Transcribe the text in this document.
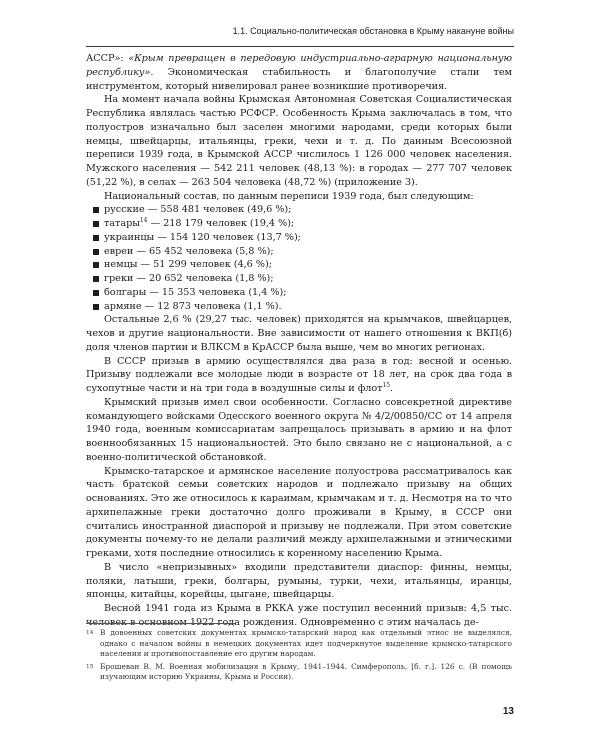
1.1. Социально-политическая обстановка в Крыму накануне войны

АССР»: «Крым превращен в передовую индустриально-аграрную национальную республику». Экономическая стабильность и благополучие стали тем инструментом, который нивелировал ранее возникшие противоречия.

На момент начала войны Крымская Автономная Советская Социалистическая Республика являлась частью РСФСР. Особенность Крыма заключалась в том, что полуостров изначально был заселен многими народами, среди которых были немцы, швейцарцы, итальянцы, греки, чехи и т. д. По данным Всесоюзной переписи 1939 года, в Крымской АССР числилось 1 126 000 человек населения. Мужского населения — 542 211 человек (48,13 %): в городах — 277 707 человек (51,22 %), в селах — 263 504 человека (48,72 %) (приложение 3).

Национальный состав, по данным переписи 1939 года, был следующим:

русские — 558 481 человек (49,6 %);
татары$^{14}$ — 218 179 человек (19,4 %);
украинцы — 154 120 человек (13,7 %);
евреи — 65 452 человека (5,8 %);
немцы — 51 299 человек (4,6 %);
греки — 20 652 человека (1,8 %);
болгары — 15 353 человека (1,4 %);
армяне — 12 873 человека (1,1 %).

Остальные 2,6 % (29,27 тыс. человек) приходятся на крымчаков, швейцарцев, чехов и другие национальности. Вне зависимости от нашего отношения к ВКП(б) доля членов партии и ВЛКСМ в КрАССР была выше, чем во многих регионах.

В СССР призыв в армию осуществлялся два раза в год: весной и осенью. Призыву подлежали все молодые люди в возрасте от 18 лет, на срок два года в сухопутные части и на три года в воздушные силы и флот$^{15}$.

Крымский призыв имел свои особенности. Согласно совсекретной директиве командующего войсками Одесского военного округа № 4/2/00850/СС от 14 апреля 1940 года, военным комиссариатам запрещалось призывать в армию и на флот военнообязанных 15 национальностей. Это было связано не с национальной, а с военно-политической обстановкой.

Крымско-татарское и армянское население полуострова рассматривалось как часть братской семьи советских народов и подлежало призыву на общих основаниях. Это же относилось к караимам, крымчакам и т. д. Несмотря на то что архипелажные греки достаточно долго проживали в Крыму, в СССР они считались иностранной диаспорой и призыву не подлежали. При этом советские документы почему-то не делали различий между архипелажными и этническими греками, хотя последние относились к коренному населению Крыма.

В число «непризывных» входили представители диаспор: финны, немцы, поляки, латыши, греки, болгары, румыны, турки, чехи, итальянцы, иранцы, японцы, китайцы, корейцы, цыгане, швейцарцы.

Весной 1941 года из Крыма в РККА уже поступил весенний призыв: 4,5 тыс. человек в основном 1922 года рождения. Одновременно с этим началась де-

14 В довоенных советских документах крымско-татарский народ как отдельный этнос не выделялся, однако с началом войны в немецких документах идет подчеркнутое выделение крымско-татарского населения и противопоставление его другим народам.
15 Брошеван В. М. Военная мобилизация в Крыму, 1941–1944. Симферополь, [б. г.]. 126 с. (В помощь изучающим историю Украины, Крыма и России).
13
